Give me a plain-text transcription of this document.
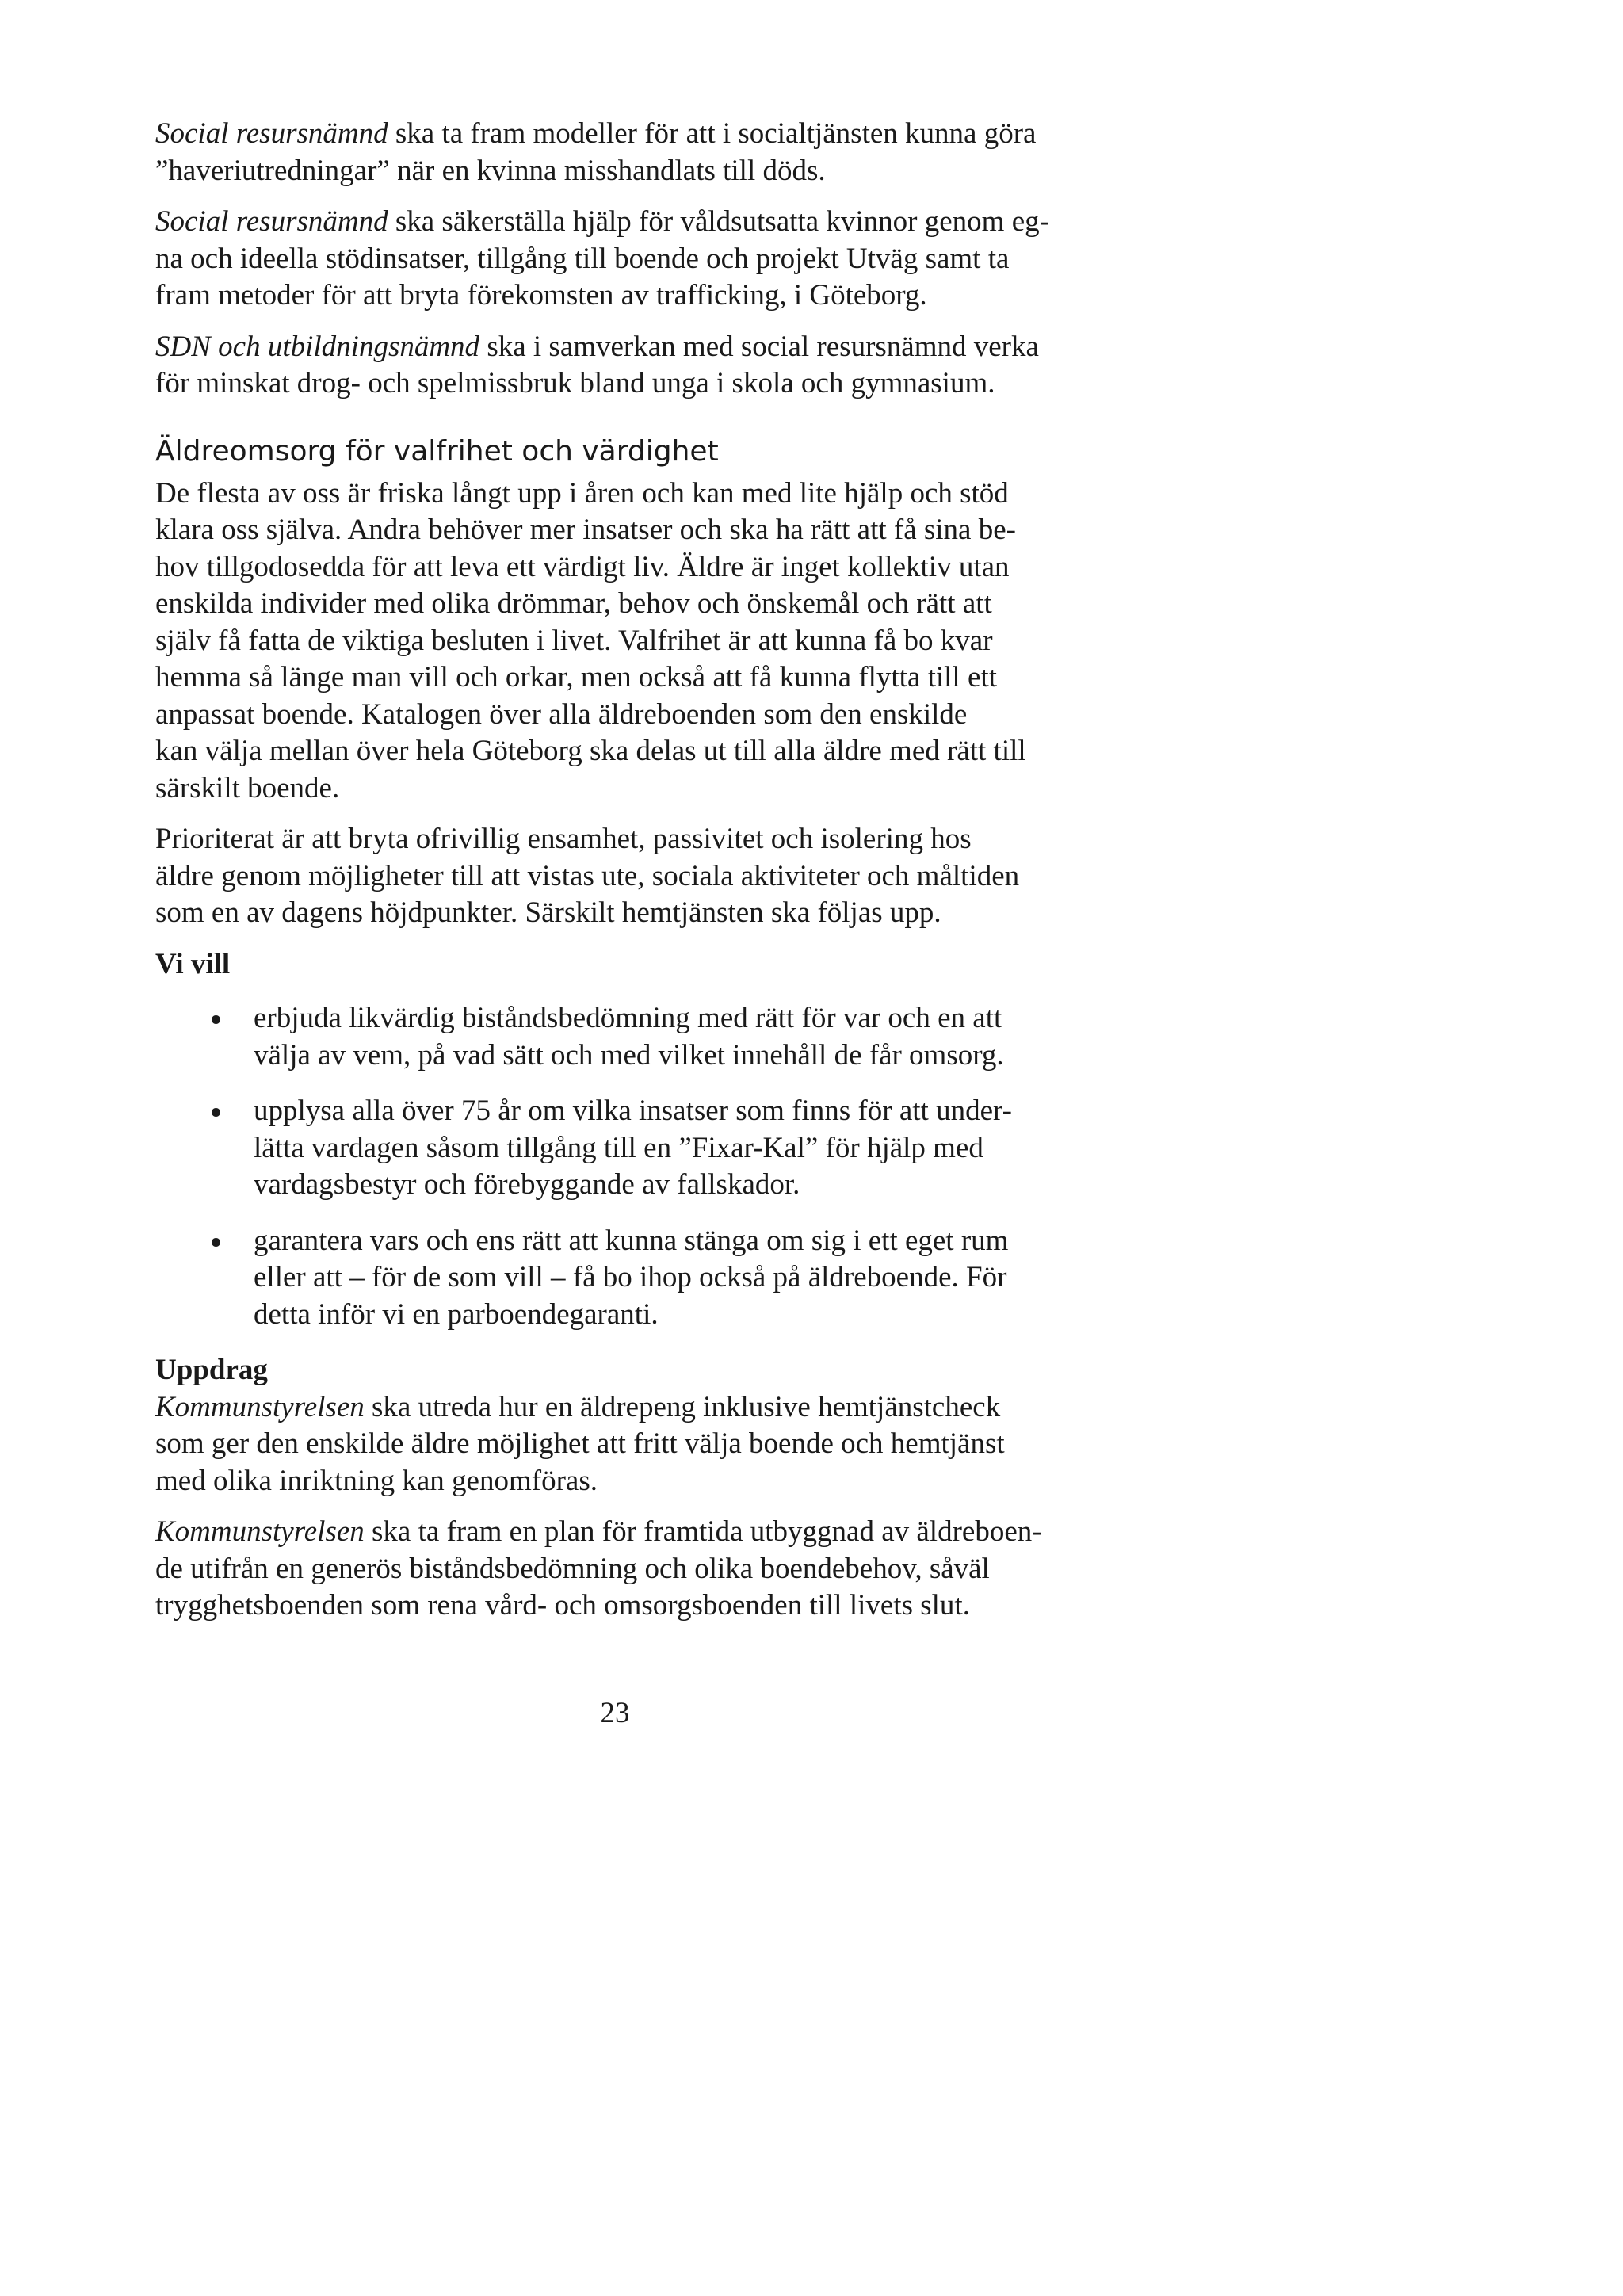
Social resursnämnd ska ta fram modeller för att i socialtjänsten kunna göra
”haveriutredningar” när en kvinna misshandlats till döds.

Social resursnämnd ska säkerställa hjälp för våldsutsatta kvinnor genom eg-
na och ideella stödinsatser, tillgång till boende och projekt Utväg samt ta
fram metoder för att bryta förekomsten av trafficking, i Göteborg.

SDN och utbildningsnämnd ska i samverkan med social resursnämnd verka
för minskat drog- och spelmissbruk bland unga i skola och gymnasium.

Äldreomsorg för valfrihet och värdighet

De flesta av oss är friska långt upp i åren och kan med lite hjälp och stöd
klara oss själva. Andra behöver mer insatser och ska ha rätt att få sina be-
hov tillgodosedda för att leva ett värdigt liv. Äldre är inget kollektiv utan
enskilda individer med olika drömmar, behov och önskemål och rätt att
själv få fatta de viktiga besluten i livet. Valfrihet är att kunna få bo kvar
hemma så länge man vill och orkar, men också att få kunna flytta till ett
anpassat boende. Katalogen över alla äldreboenden som den enskilde
kan välja mellan över hela Göteborg ska delas ut till alla äldre med rätt till
särskilt boende.

Prioriterat är att bryta ofrivillig ensamhet, passivitet och isolering hos
äldre genom möjligheter till att vistas ute, sociala aktiviteter och måltiden
som en av dagens höjdpunkter. Särskilt hemtjänsten ska följas upp.

Vi vill

erbjuda likvärdig biståndsbedömning med rätt för var och en att
välja av vem, på vad sätt och med vilket innehåll de får omsorg.
upplysa alla över 75 år om vilka insatser som finns för att under-
lätta vardagen såsom tillgång till en ”Fixar-Kal” för hjälp med
vardagsbestyr och förebyggande av fallskador.
garantera vars och ens rätt att kunna stänga om sig i ett eget rum
eller att – för de som vill – få bo ihop också på äldreboende. För
detta inför vi en parboendegaranti.

Uppdrag

Kommunstyrelsen ska utreda hur en äldrepeng inklusive hemtjänstcheck
som ger den enskilde äldre möjlighet att fritt välja boende och hemtjänst
med olika inriktning kan genomföras.

Kommunstyrelsen ska ta fram en plan för framtida utbyggnad av äldreboen-
de utifrån en generös biståndsbedömning och olika boendebehov, såväl
trygghetsboenden som rena vård- och omsorgsboenden till livets slut.

23
